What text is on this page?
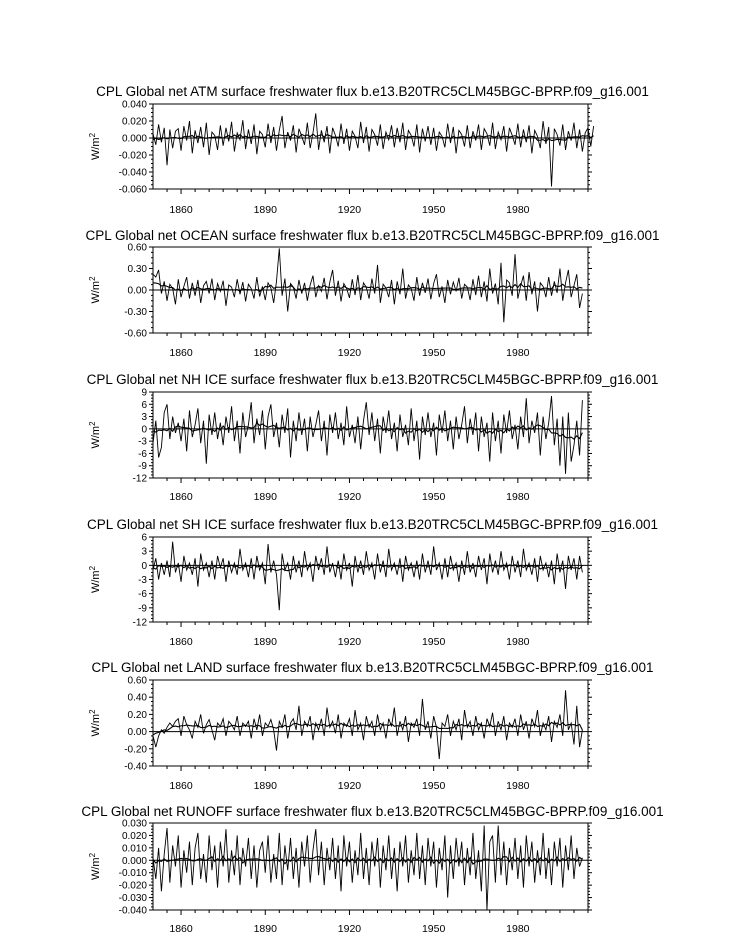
CPL Global net ATM surface freshwater flux b.e13.B20TRC5CLM45BGC-BPRP.f09_g16.001
0.040
0.020
0.000
-0.020
-0.040
-0.060
1860	1890	1920	1950	1980
$W/m^2$
CPL Global net OCEAN surface freshwater flux b.e13.B20TRC5CLM45BGC-BPRP.f09_g16.001
0.60
0.30
0.00
-0.30
-0.60
1860	1890	1920	1950	1980
$W/m^2$
CPL Global net NH ICE surface freshwater flux b.e13.B20TRC5CLM45BGC-BPRP.f09_g16.001
9
6
3
0
-3
-6
-9
-12
1860	1890	1920	1950	1980
$W/m^2$
CPL Global net SH ICE surface freshwater flux b.e13.B20TRC5CLM45BGC-BPRP.f09_g16.001
6
3
0
-3
-6
-9
-12
1860	1890	1920	1950	1980
$W/m^2$
CPL Global net LAND surface freshwater flux b.e13.B20TRC5CLM45BGC-BPRP.f09_g16.001
0.60
0.40
0.20
0.00
-0.20
-0.40
1860	1890	1920	1950	1980
$W/m^2$
CPL Global net RUNOFF surface freshwater flux b.e13.B20TRC5CLM45BGC-BPRP.f09_g16.001
0.030
0.020
0.010
0.000
-0.010
-0.020
-0.030
-0.040
1860	1890	1920	1950	1980
$W/m^2$
